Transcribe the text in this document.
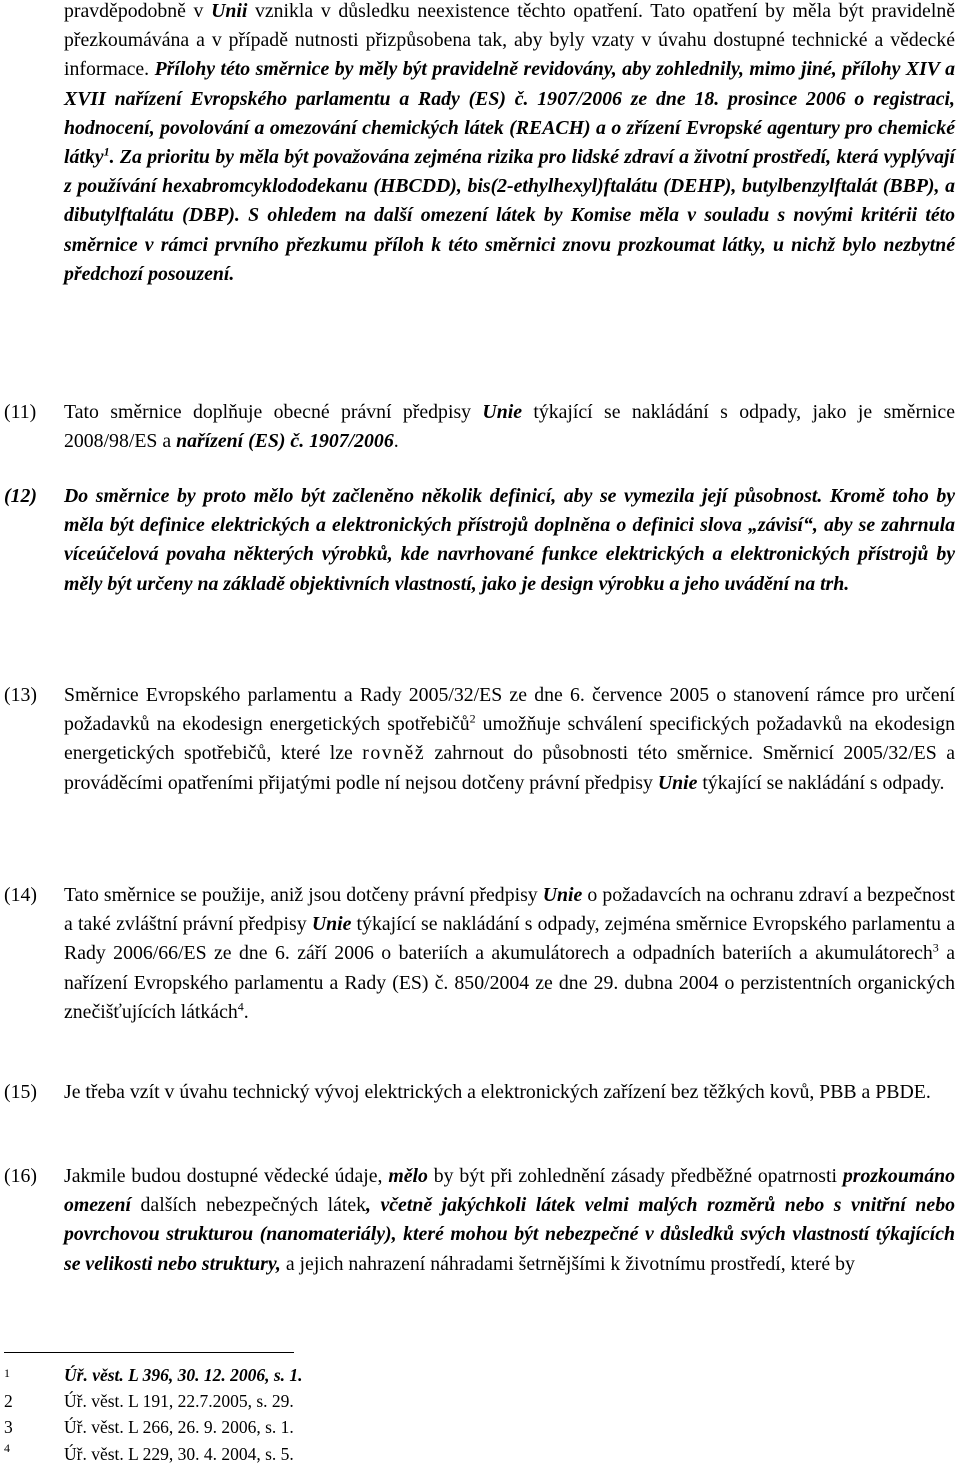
pravděpodobně v Unii vznikla v důsledku neexistence těchto opatření. Tato opatření by měla být pravidelně přezkoumávána a v případě nutnosti přizpůsobena tak, aby byly vzaty v úvahu dostupné technické a vědecké informace. Přílohy této směrnice by měly být pravidelně revidovány, aby zohlednily, mimo jiné, přílohy XIV a XVII nařízení Evropského parlamentu a Rady (ES) č. 1907/2006 ze dne 18. prosince 2006 o registraci, hodnocení, povolování a omezování chemických látek (REACH) a o zřízení Evropské agentury pro chemické látky$^1$. Za prioritu by měla být považována zejména rizika pro lidské zdraví a životní prostředí, která vyplývají z používání hexabromcyklododekanu (HBCDD), bis(2-ethylhexyl)ftalátu (DEHP), butylbenzylftalát (BBP), a dibutylftalátu (DBP). S ohledem na další omezení látek by Komise měla v souladu s novými kritérii této směrnice v rámci prvního přezkumu příloh k této směrnici znovu prozkoumat látky, u nichž bylo nezbytné předchozí posouzení.
(11) Tato směrnice doplňuje obecné právní předpisy Unie týkající se nakládání s odpady, jako je směrnice 2008/98/ES a nařízení (ES) č. 1907/2006.
(12) Do směrnice by proto mělo být začleněno několik definicí, aby se vymezila její působnost. Kromě toho by měla být definice elektrických a elektronických přístrojů doplněna o definici slova „závisí“, aby se zahrnula víceúčelová povaha některých výrobků, kde navrhované funkce elektrických a elektronických přístrojů by měly být určeny na základě objektivních vlastností, jako je design výrobku a jeho uvádění na trh.
(13) Směrnice Evropského parlamentu a Rady 2005/32/ES ze dne 6. července 2005 o stanovení rámce pro určení požadavků na ekodesign energetických spotřebičů$^2$ umožňuje schválení specifických požadavků na ekodesign energetických spotřebičů, které lze rovněž zahrnout do působnosti této směrnice. Směrnicí 2005/32/ES a prováděcími opatřeními přijatými podle ní nejsou dotčeny právní předpisy Unie týkající se nakládání s odpady.
(14) Tato směrnice se použije, aniž jsou dotčeny právní předpisy Unie o požadavcích na ochranu zdraví a bezpečnost a také zvláštní právní předpisy Unie týkající se nakládání s odpady, zejména směrnice Evropského parlamentu a Rady 2006/66/ES ze dne 6. září 2006 o bateriích a akumulátorech a odpadních bateriích a akumulátorech$^3$ a nařízení Evropského parlamentu a Rady (ES) č. 850/2004 ze dne 29. dubna 2004 o perzistentních organických znečišťujících látkách$^4$.
(15) Je třeba vzít v úvahu technický vývoj elektrických a elektronických zařízení bez těžkých kovů, PBB a PBDE.
(16) Jakmile budou dostupné vědecké údaje, mělo by být při zohlednění zásady předběžné opatrnosti prozkoumáno omezení dalších nebezpečných látek, včetně jakýchkoli látek velmi malých rozměrů nebo s vnitřní nebo povrchovou strukturou (nanomateriály), které mohou být nebezpečné v důsledků svých vlastností týkajících se velikosti nebo struktury, a jejich nahrazení náhradami šetrnějšími k životnímu prostředí, které by
1	Úř. věst. L 396, 30. 12. 2006, s. 1.
2	Úř. věst. L 191, 22.7.2005, s. 29.
3	Úř. věst. L 266, 26. 9. 2006, s. 1.
4	Úř. věst. L 229, 30. 4. 2004, s. 5.
